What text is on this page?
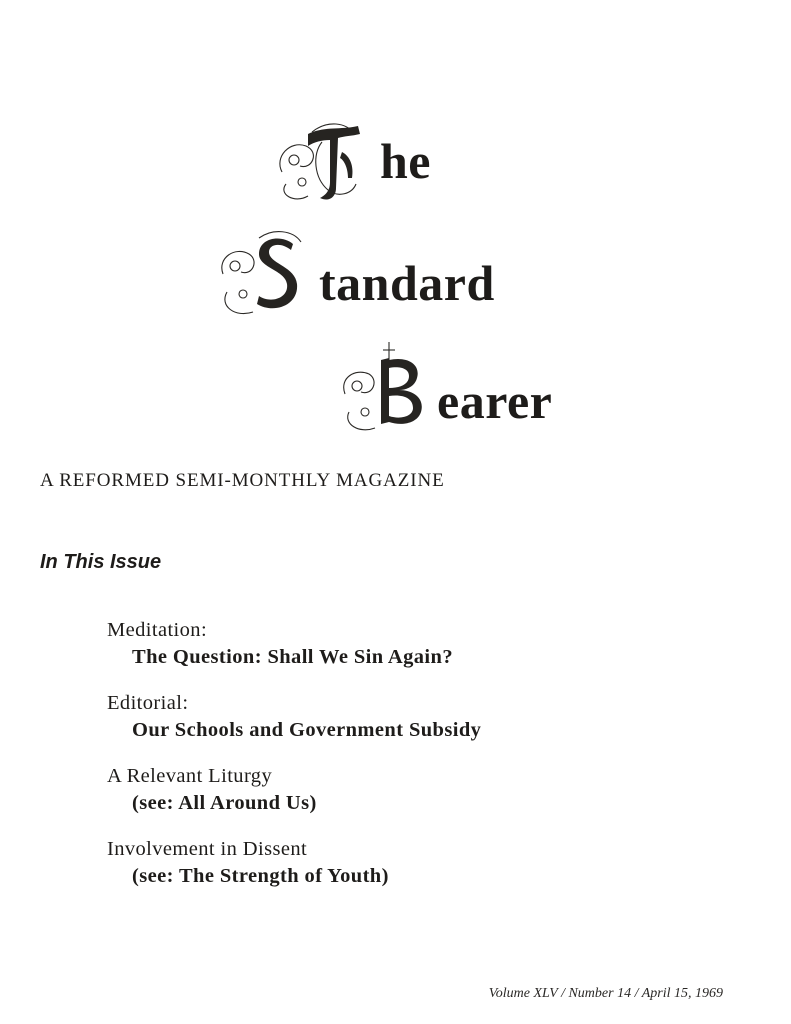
he
tandard
earer
A REFORMED SEMI-MONTHLY MAGAZINE
In This Issue
Meditation:
The Question: Shall We Sin Again?
Editorial:
Our Schools and Government Subsidy
A Relevant Liturgy
(see: All Around Us)
Involvement in Dissent
(see: The Strength of Youth)
Volume XLV / Number 14 / April 15, 1969
